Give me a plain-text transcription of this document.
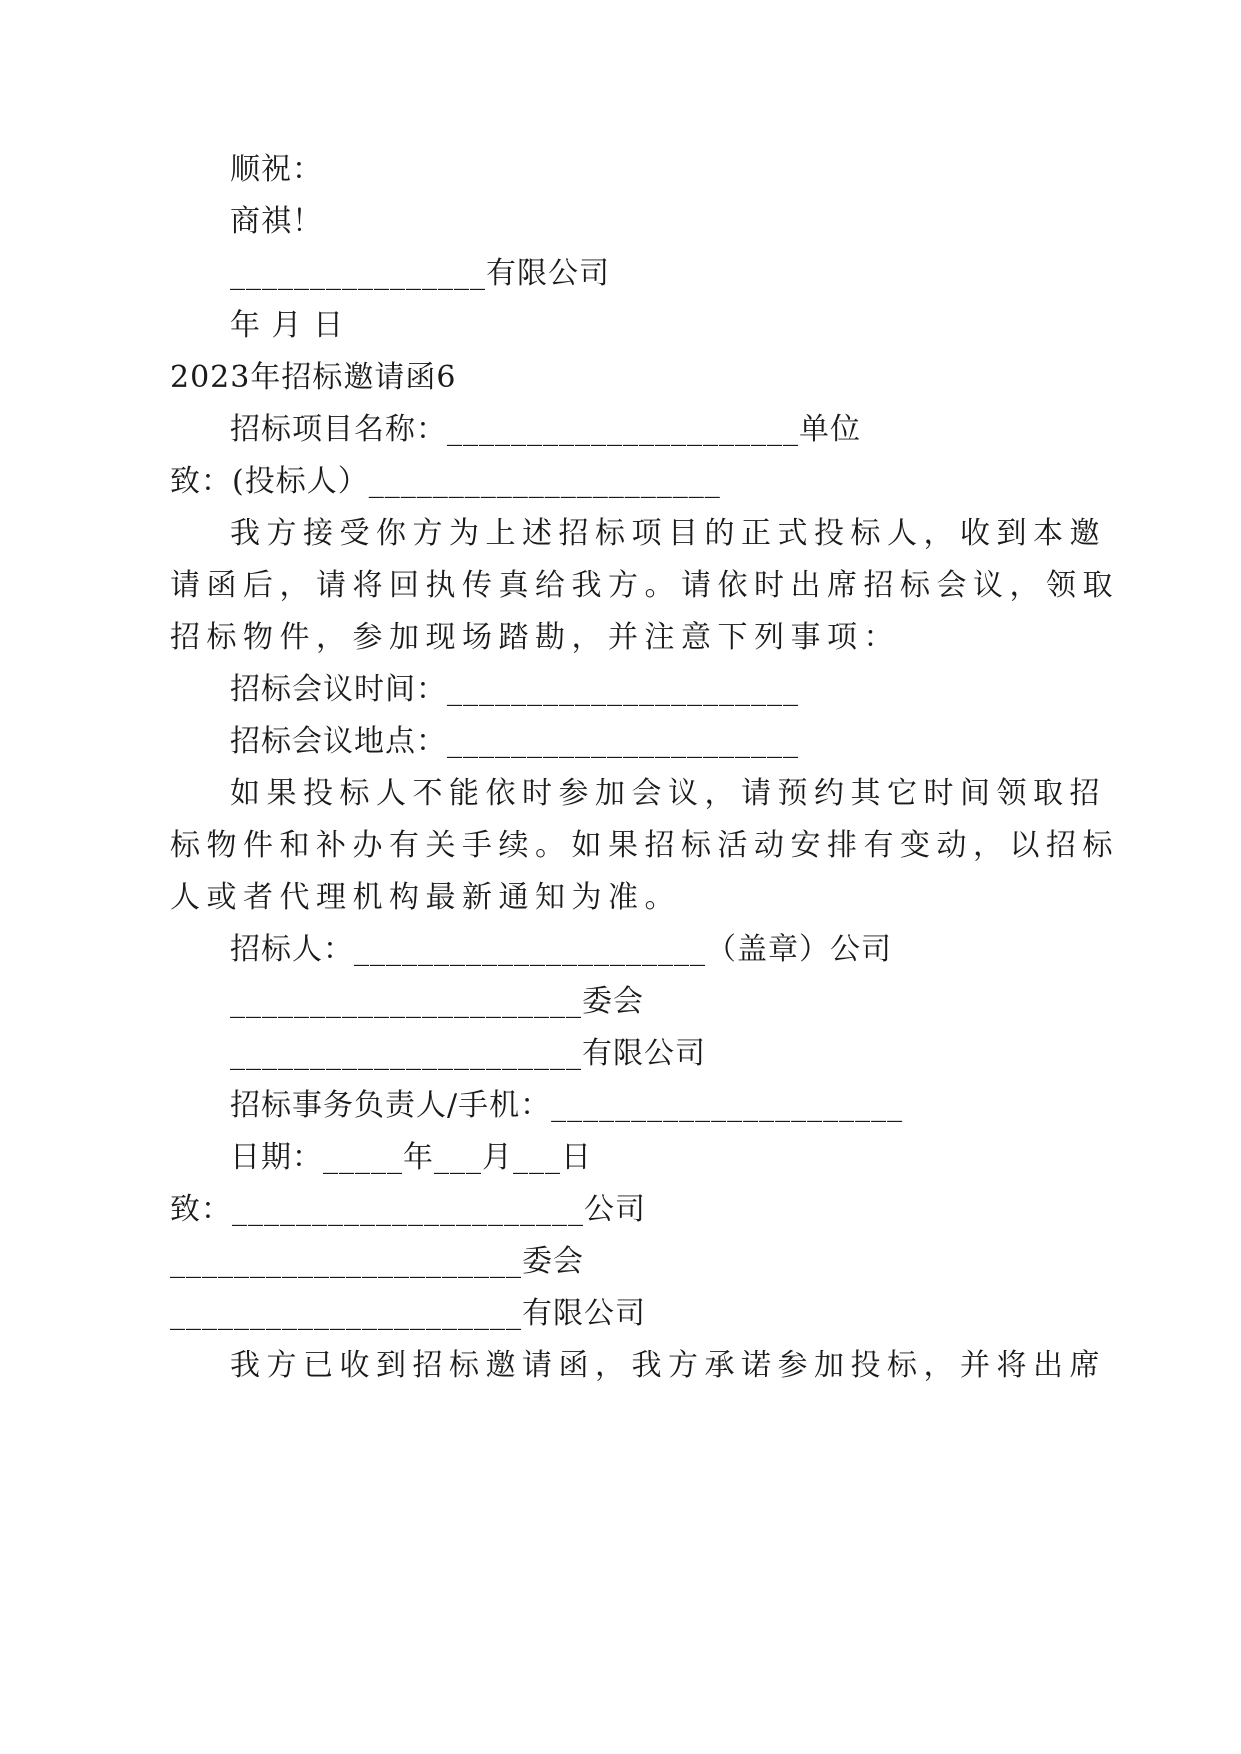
顺祝：
商祺！
________________有限公司
年 月 日
2023年招标邀请函6
招标项目名称：______________________单位
致：(投标人）______________________
我方接受你方为上述招标项目的正式投标人，收到本邀
请函后，请将回执传真给我方。请依时出席招标会议，领取
招标物件，参加现场踏勘，并注意下列事项：
招标会议时间：______________________
招标会议地点：______________________
如果投标人不能依时参加会议，请预约其它时间领取招
标物件和补办有关手续。如果招标活动安排有变动，以招标
人或者代理机构最新通知为准。
招标人：______________________（盖章）公司
______________________委会
______________________有限公司
招标事务负责人/手机：______________________
日期：_____年___月___日
致：______________________公司
______________________委会
______________________有限公司
我方已收到招标邀请函，我方承诺参加投标，并将出席
